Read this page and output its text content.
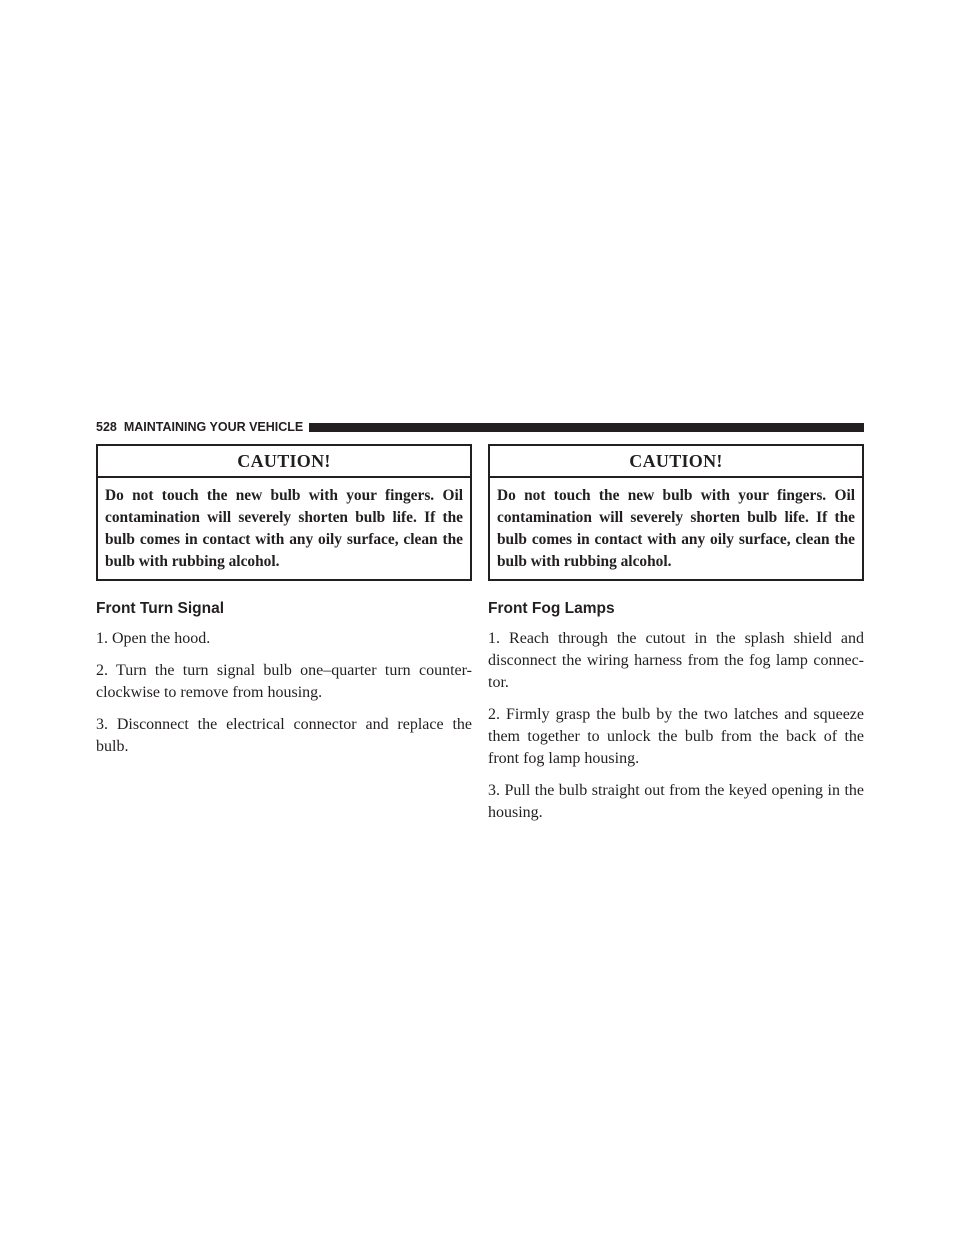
528 MAINTAINING YOUR VEHICLE
CAUTION!
Do not touch the new bulb with your fingers. Oil contamination will severely shorten bulb life. If the bulb comes in contact with any oily surface, clean the bulb with rubbing alcohol.
Front Turn Signal

1. Open the hood.

2. Turn the turn signal bulb one–quarter turn counter-clockwise to remove from housing.

3. Disconnect the electrical connector and replace the bulb.

CAUTION!
Do not touch the new bulb with your fingers. Oil contamination will severely shorten bulb life. If the bulb comes in contact with any oily surface, clean the bulb with rubbing alcohol.
Front Fog Lamps

1. Reach through the cutout in the splash shield and disconnect the wiring harness from the fog lamp connec-tor.

2. Firmly grasp the bulb by the two latches and squeeze them together to unlock the bulb from the back of the front fog lamp housing.

3. Pull the bulb straight out from the keyed opening in the housing.
